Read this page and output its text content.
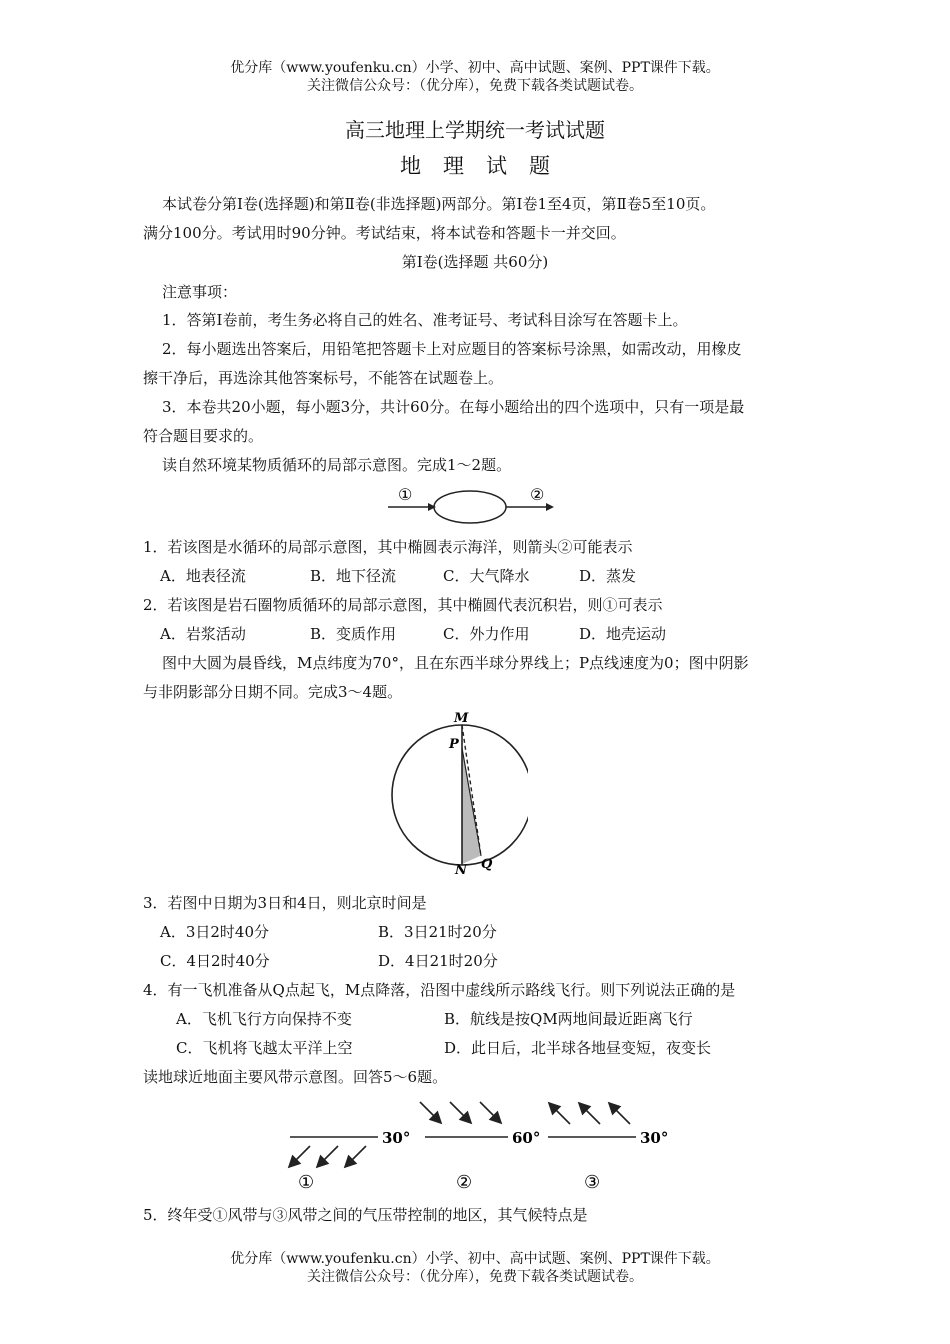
优分库（www.youfenku.cn）小学、初中、高中试题、案例、PPT课件下载。
关注微信公众号：（优分库），免费下载各类试题试卷。
高三地理上学期统一考试试题
地理试题
本试卷分第Ⅰ卷(选择题)和第Ⅱ卷(非选择题)两部分。第Ⅰ卷1至4页，第Ⅱ卷5至10页。
满分100分。考试用时90分钟。考试结束，将本试卷和答题卡一并交回。
第Ⅰ卷(选择题 共60分)
注意事项：
1．答第Ⅰ卷前，考生务必将自己的姓名、准考证号、考试科目涂写在答题卡上。
2．每小题选出答案后，用铅笔把答题卡上对应题目的答案标号涂黑，如需改动，用橡皮
擦干净后，再选涂其他答案标号，不能答在试题卷上。
3．本卷共20小题，每小题3分，共计60分。在每小题给出的四个选项中，只有一项是最
符合题目要求的。
读自然环境某物质循环的局部示意图。完成1～2题。
①	②
1．若该图是水循环的局部示意图，其中椭圆表示海洋，则箭头②可能表示
A．地表径流	B．地下径流	C．大气降水	D．蒸发
2．若该图是岩石圈物质循环的局部示意图，其中椭圆代表沉积岩，则①可表示
A．岩浆活动	B．变质作用	C．外力作用	D．地壳运动
图中大圆为晨昏线，M点纬度为70°，且在东西半球分界线上；P点线速度为0；图中阴影
与非阴影部分日期不同。完成3～4题。
M
P
N Q
3．若图中日期为3日和4日，则北京时间是
A．3日2时40分	B．3日21时20分
C．4日2时40分	D．4日21时20分
4．有一飞机准备从Q点起飞，M点降落，沿图中虚线所示路线飞行。则下列说法正确的是
A．飞机飞行方向保持不变	B．航线是按QM两地间最近距离飞行
C．飞机将飞越太平洋上空	D．此日后，北半球各地昼变短，夜变长
读地球近地面主要风带示意图。回答5～6题。
30°	60°	30°
①	②	③
5．终年受①风带与③风带之间的气压带控制的地区，其气候特点是
优分库（www.youfenku.cn）小学、初中、高中试题、案例、PPT课件下载。
关注微信公众号：（优分库），免费下载各类试题试卷。
